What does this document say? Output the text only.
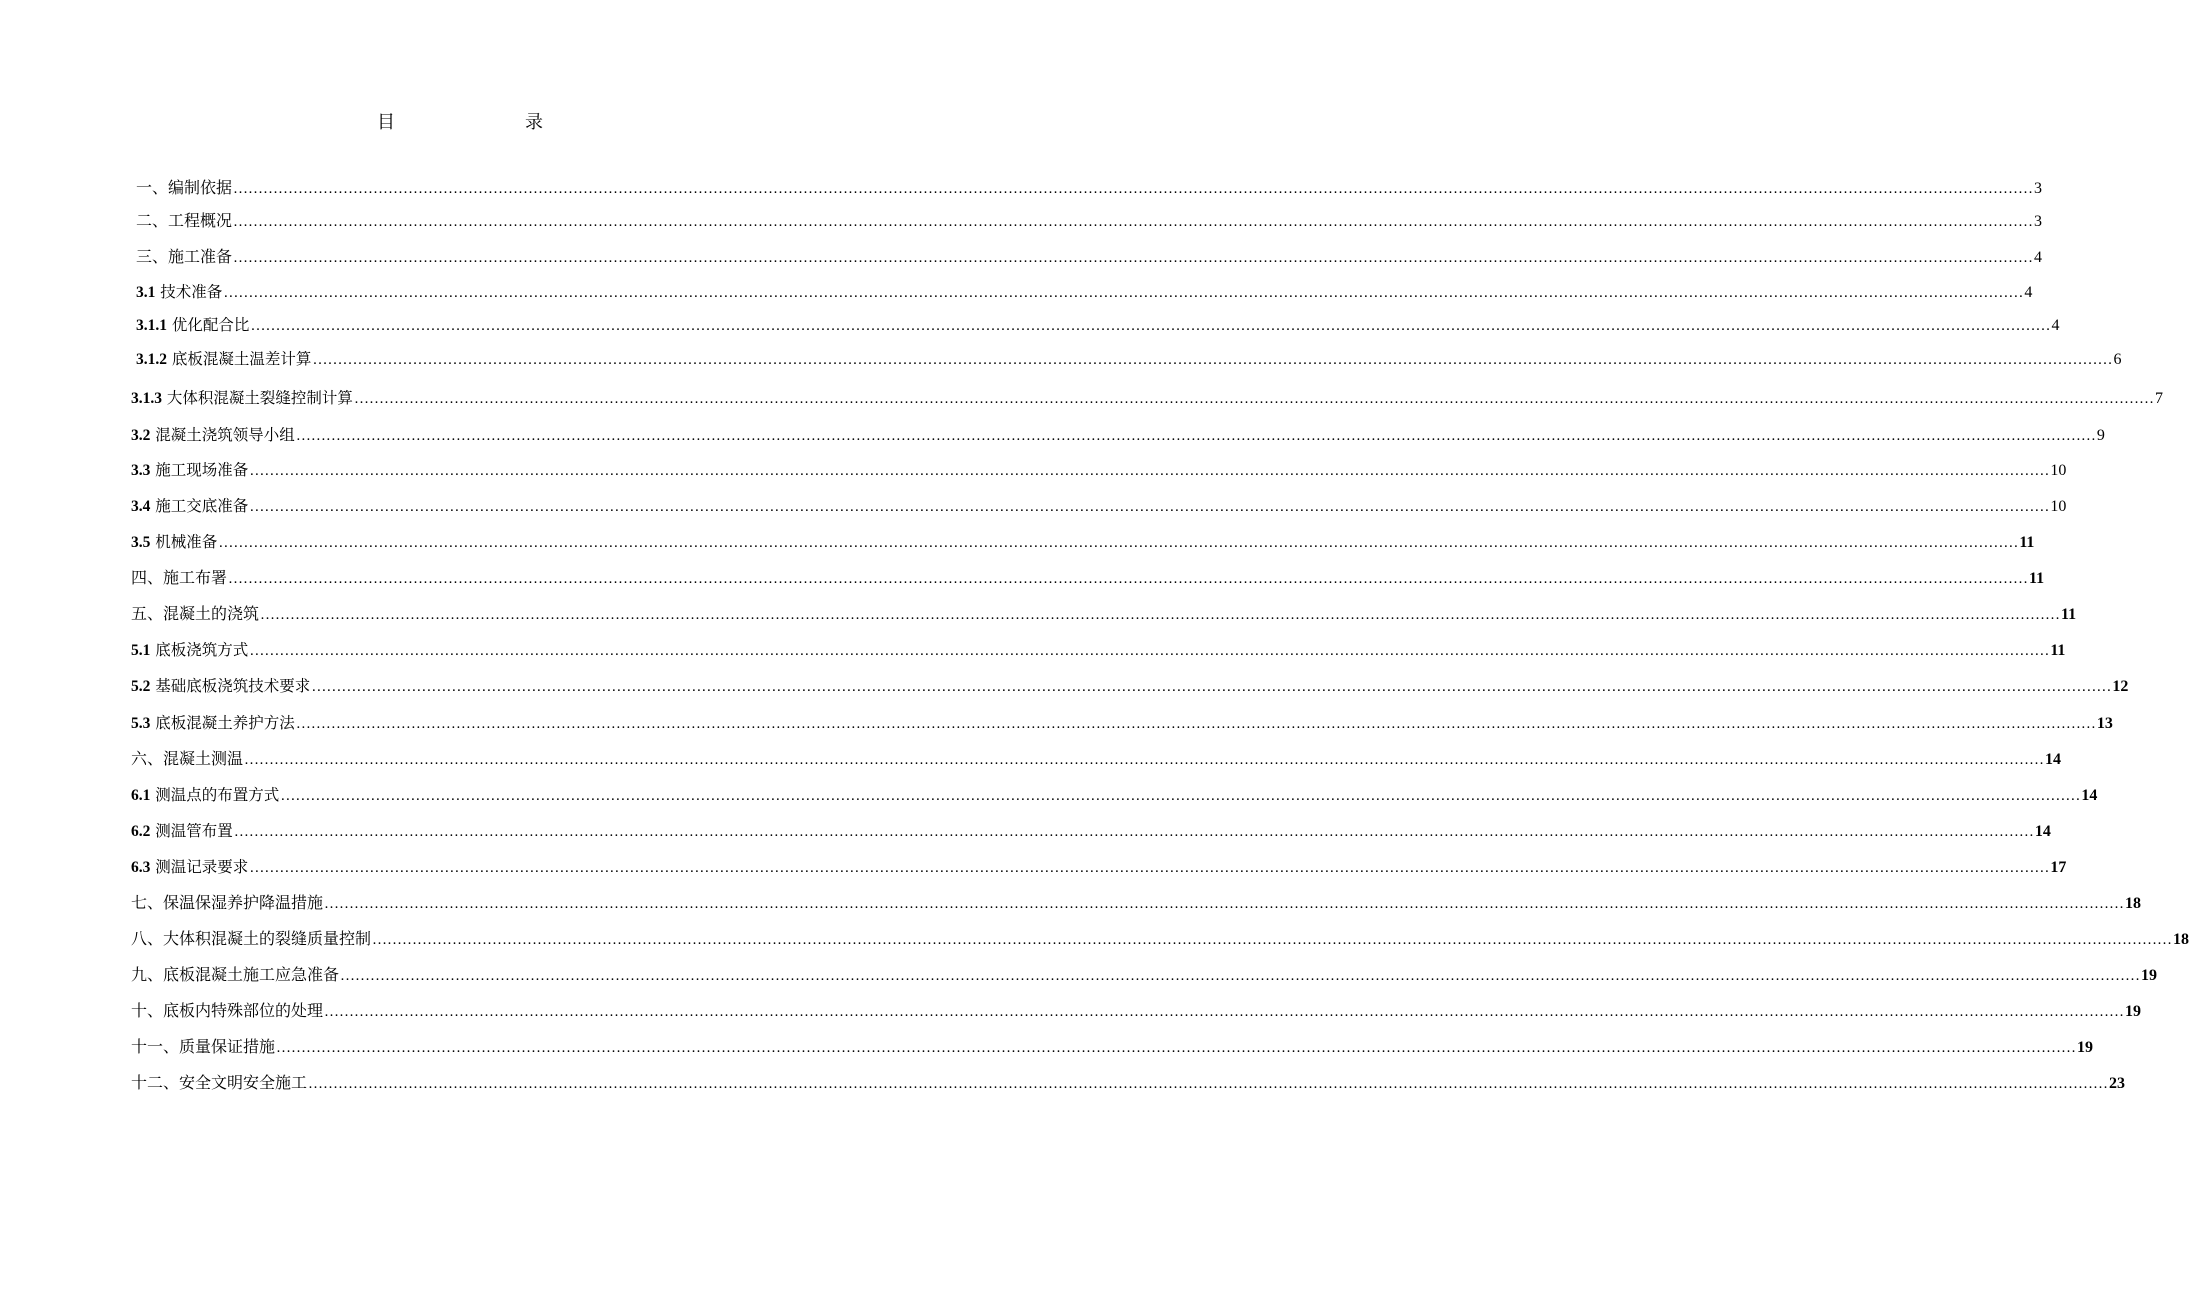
目	录
一、编制依据 ……………………………………………………………………………………………………………………………………………………………………………………………………………………………………………………………………………………………………………………………… 3
二、工程概况 ……………………………………………………………………………………………………………………………………………………………………………………………………………………………………………………………………………………………………………………………… 3
三、施工准备 ……………………………………………………………………………………………………………………………………………………………………………………………………………………………………………………………………………………………………………………………… 4
3.1 技术准备 ……………………………………………………………………………………………………………………………………………………………………………………………………………………………………………………………………………………………………………………………… 4
3.1.1 优化配合比 ……………………………………………………………………………………………………………………………………………………………………………………………………………………………………………………………………………………………………………………………… 4
3.1.2 底板混凝土温差计算 ……………………………………………………………………………………………………………………………………………………………………………………………………………………………………………………………………………………………………………………………… 6
3.1.3 大体积混凝土裂缝控制计算 ……………………………………………………………………………………………………………………………………………………………………………………………………………………………………………………………………………………………………………………………… 7
3.2 混凝土浇筑领导小组 ……………………………………………………………………………………………………………………………………………………………………………………………………………………………………………………………………………………………………………………………… 9
3.3 施工现场准备 ……………………………………………………………………………………………………………………………………………………………………………………………………………………………………………………………………………………………………………………………… 10
3.4 施工交底准备 ……………………………………………………………………………………………………………………………………………………………………………………………………………………………………………………………………………………………………………………………… 10
3.5 机械准备 ……………………………………………………………………………………………………………………………………………………………………………………………………………………………………………………………………………………………………………………………… 11
四、施工布署 ……………………………………………………………………………………………………………………………………………………………………………………………………………………………………………………………………………………………………………………………… 11
五、混凝土的浇筑 ……………………………………………………………………………………………………………………………………………………………………………………………………………………………………………………………………………………………………………………………… 11
5.1 底板浇筑方式 ……………………………………………………………………………………………………………………………………………………………………………………………………………………………………………………………………………………………………………………………… 11
5.2 基础底板浇筑技术要求 ……………………………………………………………………………………………………………………………………………………………………………………………………………………………………………………………………………………………………………………………… 12
5.3 底板混凝土养护方法 ……………………………………………………………………………………………………………………………………………………………………………………………………………………………………………………………………………………………………………………………… 13
六、混凝土测温 ……………………………………………………………………………………………………………………………………………………………………………………………………………………………………………………………………………………………………………………………… 14
6.1 测温点的布置方式 ……………………………………………………………………………………………………………………………………………………………………………………………………………………………………………………………………………………………………………………………… 14
6.2 测温管布置 ……………………………………………………………………………………………………………………………………………………………………………………………………………………………………………………………………………………………………………………………… 14
6.3 测温记录要求 ……………………………………………………………………………………………………………………………………………………………………………………………………………………………………………………………………………………………………………………………… 17
七、保温保湿养护降温措施 ……………………………………………………………………………………………………………………………………………………………………………………………………………………………………………………………………………………………………………………………… 18
八、大体积混凝土的裂缝质量控制 ……………………………………………………………………………………………………………………………………………………………………………………………………………………………………………………………………………………………………………………………… 18
九、底板混凝土施工应急准备 ……………………………………………………………………………………………………………………………………………………………………………………………………………………………………………………………………………………………………………………………… 19
十、底板内特殊部位的处理 ……………………………………………………………………………………………………………………………………………………………………………………………………………………………………………………………………………………………………………………………… 19
十一、质量保证措施 ……………………………………………………………………………………………………………………………………………………………………………………………………………………………………………………………………………………………………………………………… 19
十二、安全文明安全施工 ……………………………………………………………………………………………………………………………………………………………………………………………………………………………………………………………………………………………………………………………… 23
